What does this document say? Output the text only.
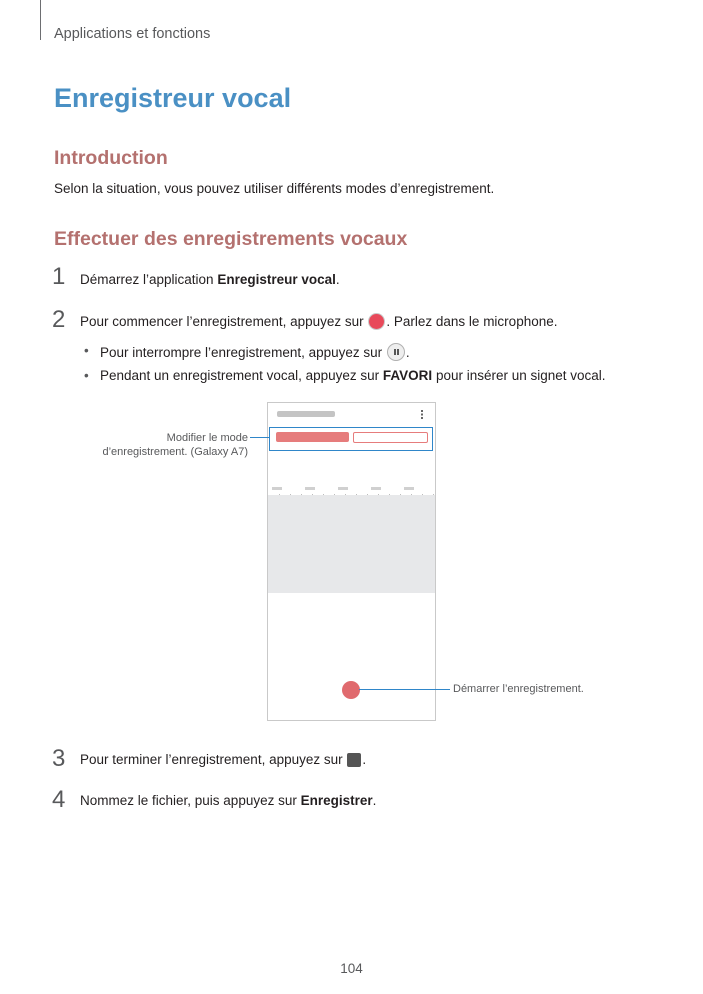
Applications et fonctions
Enregistreur vocal
Introduction
Selon la situation, vous pouvez utiliser différents modes d’enregistrement.
Effectuer des enregistrements vocaux
1 Démarrez l’application Enregistreur vocal.
2 Pour commencer l’enregistrement, appuyez sur . Parlez dans le microphone.
• Pour interrompre l’enregistrement, appuyez sur .
• Pendant un enregistrement vocal, appuyez sur FAVORI pour insérer un signet vocal.
Modifier le mode
d’enregistrement. (Galaxy A7)
Démarrer l’enregistrement.
3 Pour terminer l’enregistrement, appuyez sur .
4 Nommez le fichier, puis appuyez sur Enregistrer.
104
